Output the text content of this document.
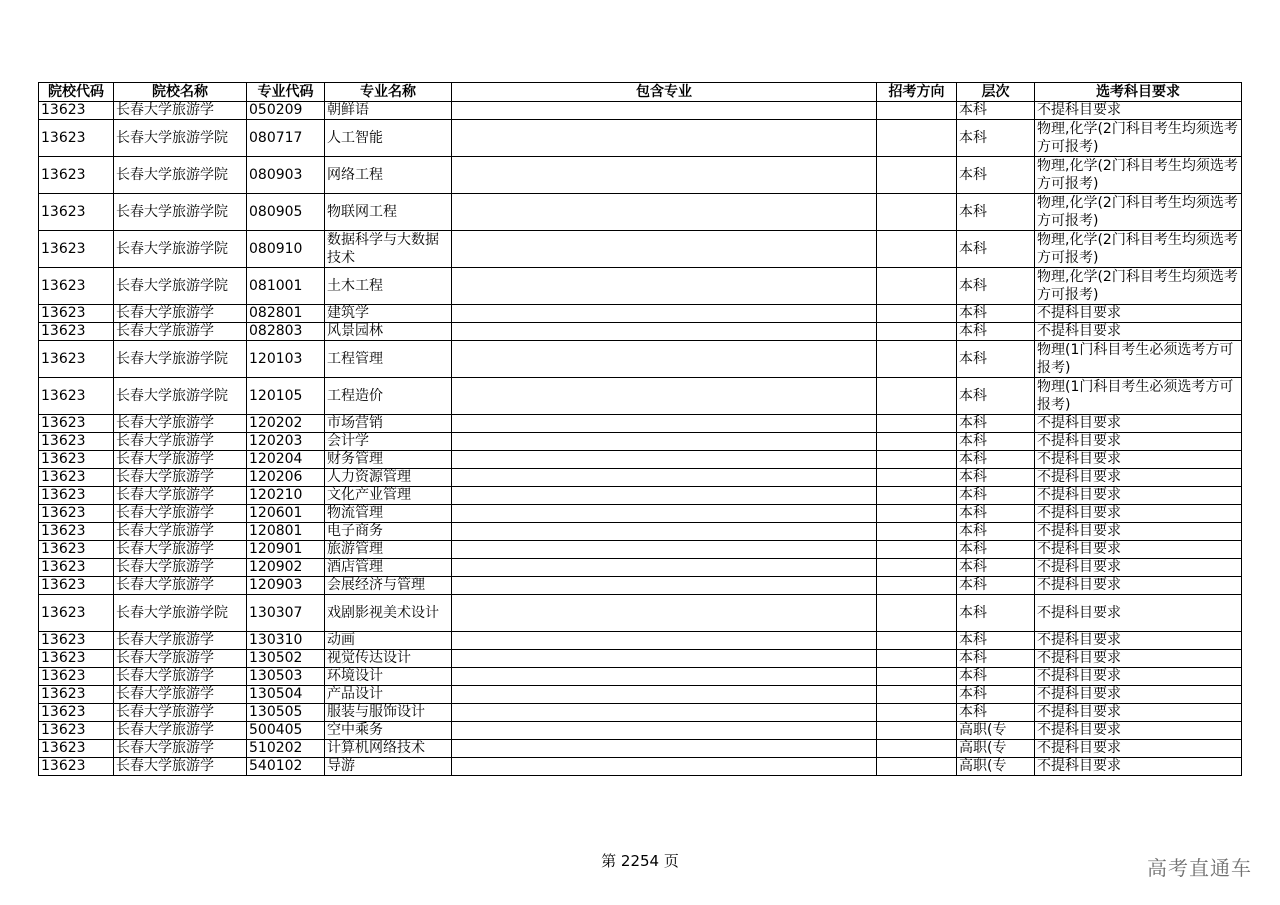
院校代码	院校名称	专业代码	专业名称	包含专业	招考方向	层次	选考科目要求
13623	长春大学旅游学	050209	朝鲜语			本科	不提科目要求
13623	长春大学旅游学院	080717	人工智能			本科	物理,化学(2门科目考生均须选考方可报考)
13623	长春大学旅游学院	080903	网络工程			本科	物理,化学(2门科目考生均须选考方可报考)
13623	长春大学旅游学院	080905	物联网工程			本科	物理,化学(2门科目考生均须选考方可报考)
13623	长春大学旅游学院	080910	数据科学与大数据技术			本科	物理,化学(2门科目考生均须选考方可报考)
13623	长春大学旅游学院	081001	土木工程			本科	物理,化学(2门科目考生均须选考方可报考)
13623	长春大学旅游学	082801	建筑学			本科	不提科目要求
13623	长春大学旅游学	082803	风景园林			本科	不提科目要求
13623	长春大学旅游学院	120103	工程管理			本科	物理(1门科目考生必须选考方可报考)
13623	长春大学旅游学院	120105	工程造价			本科	物理(1门科目考生必须选考方可报考)
13623	长春大学旅游学	120202	市场营销			本科	不提科目要求
13623	长春大学旅游学	120203	会计学			本科	不提科目要求
13623	长春大学旅游学	120204	财务管理			本科	不提科目要求
13623	长春大学旅游学	120206	人力资源管理			本科	不提科目要求
13623	长春大学旅游学	120210	文化产业管理			本科	不提科目要求
13623	长春大学旅游学	120601	物流管理			本科	不提科目要求
13623	长春大学旅游学	120801	电子商务			本科	不提科目要求
13623	长春大学旅游学	120901	旅游管理			本科	不提科目要求
13623	长春大学旅游学	120902	酒店管理			本科	不提科目要求
13623	长春大学旅游学	120903	会展经济与管理			本科	不提科目要求
13623	长春大学旅游学院	130307	戏剧影视美术设计			本科	不提科目要求
13623	长春大学旅游学	130310	动画			本科	不提科目要求
13623	长春大学旅游学	130502	视觉传达设计			本科	不提科目要求
13623	长春大学旅游学	130503	环境设计			本科	不提科目要求
13623	长春大学旅游学	130504	产品设计			本科	不提科目要求
13623	长春大学旅游学	130505	服装与服饰设计			本科	不提科目要求
13623	长春大学旅游学	500405	空中乘务			高职(专	不提科目要求
13623	长春大学旅游学	510202	计算机网络技术			高职(专	不提科目要求
13623	长春大学旅游学	540102	导游			高职(专	不提科目要求
第 2254 页	高考直通车
